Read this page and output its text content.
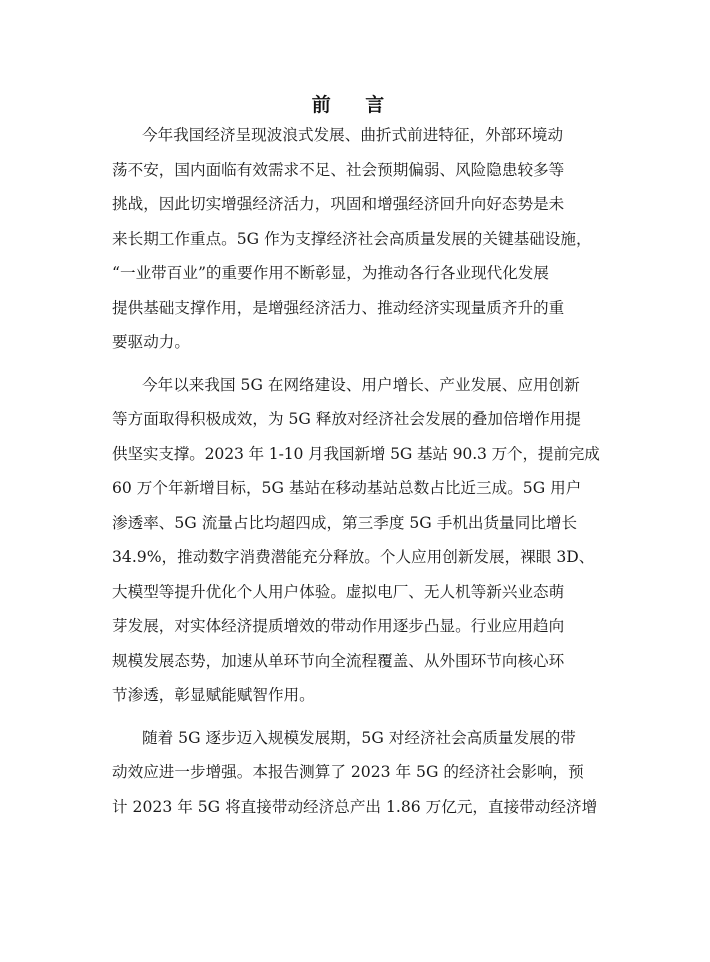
前 言
今年我国经济呈现波浪式发展、曲折式前进特征，外部环境动
荡不安，国内面临有效需求不足、社会预期偏弱、风险隐患较多等
挑战，因此切实增强经济活力，巩固和增强经济回升向好态势是未
来长期工作重点。5G 作为支撑经济社会高质量发展的关键基础设施，
“一业带百业”的重要作用不断彰显，为推动各行各业现代化发展
提供基础支撑作用，是增强经济活力、推动经济实现量质齐升的重
要驱动力。
今年以来我国 5G 在网络建设、用户增长、产业发展、应用创新
等方面取得积极成效，为 5G 释放对经济社会发展的叠加倍增作用提
供坚实支撑。2023 年 1-10 月我国新增 5G 基站 90.3 万个，提前完成
60 万个年新增目标，5G 基站在移动基站总数占比近三成。5G 用户
渗透率、5G 流量占比均超四成，第三季度 5G 手机出货量同比增长
34.9%，推动数字消费潜能充分释放。个人应用创新发展，裸眼 3D、
大模型等提升优化个人用户体验。虚拟电厂、无人机等新兴业态萌
芽发展，对实体经济提质增效的带动作用逐步凸显。行业应用趋向
规模发展态势，加速从单环节向全流程覆盖、从外围环节向核心环
节渗透，彰显赋能赋智作用。
随着 5G 逐步迈入规模发展期，5G 对经济社会高质量发展的带
动效应进一步增强。本报告测算了 2023 年 5G 的经济社会影响，预
计 2023 年 5G 将直接带动经济总产出 1.86 万亿元，直接带动经济增
